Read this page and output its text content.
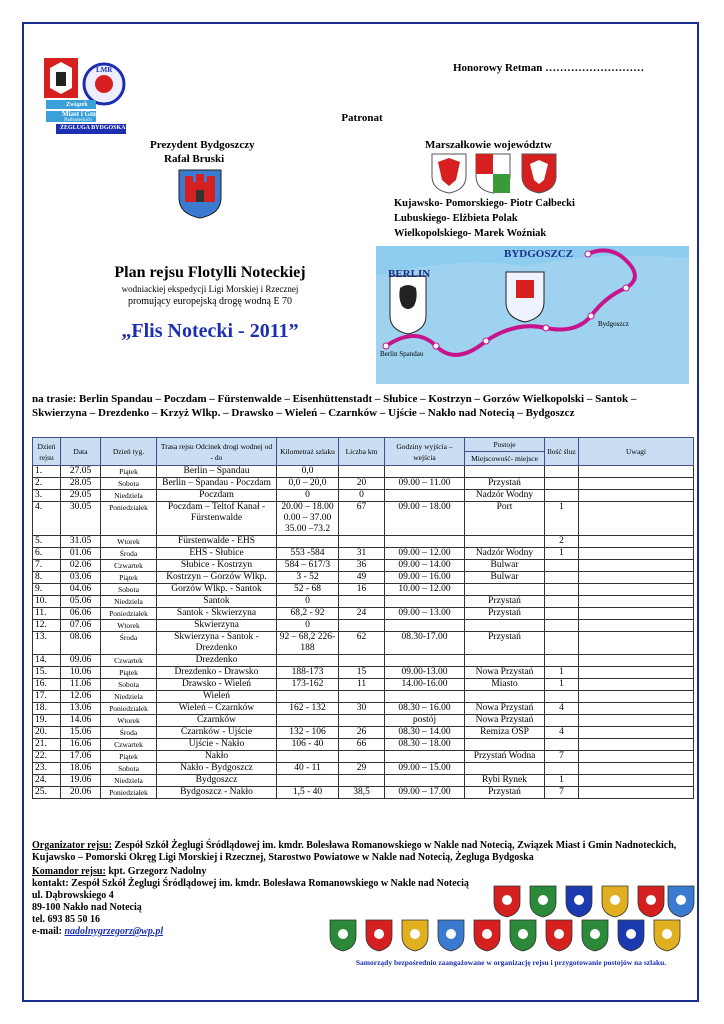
Związek
Miast i Gmin
Nadnoteckich
ŻEGLUGA BYDGOSKA
LMR	Honorowy Retman ………………………
Patronat
Prezydent Bydgoszczy
Rafał Bruski
Marszałkowie województw
Kujawsko- Pomorskiego- Piotr Całbecki
Lubuskiego- Elżbieta Polak
Wielkopolskiego- Marek Woźniak
Plan rejsu Flotylli Noteckiej
wodniackiej ekspedycji Ligi Morskiej i Rzecznej
promujący europejską drogę wodną E 70
„Flis Notecki - 2011”
BERLIN
BYDGOSZCZ
Berlin Spandau
Bydgoszcz
na trasie: Berlin Spandau – Poczdam – Fürstenwalde – Eisenhüttenstadt – Słubice – Kostrzyn – Gorzów Wielkopolski – Santok – Skwierzyna – Drezdenko – Krzyż Wlkp. – Drawsko – Wieleń – Czarnków – Ujście – Nakło nad Notecią – Bydgoszcz
Dzień rejsu	Data	Dzień tyg.	Trasa rejsu Odcinek drogi wodnej od - do	Kilometraż szlaku	Liczba km	Godziny wyjścia –wejścia	Postoje	Ilość śluz	Uwagi
							Miejscowość- miejsce		
1.	27.05	Piątek	Berlin – Spandau	0,0					
2.	28.05	Sobota	Berlin – Spandau - Poczdam	0,0 – 20,0	20	09.00 – 11.00	Przystań		
3.	29.05	Niedziela	Poczdam	0	0		Nadzór Wodny		
4.	30.05	Poniedziałek	Poczdam – Teltof Kanał - Fürstenwalde	20.00 – 18.00 0.00 – 37.00 35.00 –73.2	67	09.00 – 18.00	Port	1	
5.	31.05	Wtorek	Fürstenwalde - EHS					2	
6.	01.06	Środa	EHS - Słubice	553 -584	31	09.00 – 12.00	Nadzór Wodny	1	
7.	02.06	Czwartek	Słubice - Kostrzyn	584 – 617/3	36	09.00 – 14.00	Bulwar		
8.	03.06	Piątek	Kostrzyn – Gorzów Wlkp.	3 - 52	49	09.00 – 16.00	Bulwar		
9.	04.06	Sobota	Gorzów Wlkp. - Santok	52 - 68	16	10.00 – 12.00			
10.	05.06	Niedziela	Santok	0			Przystań		
11.	06.06	Poniedziałek	Santok - Skwierzyna	68,2 - 92	24	09.00 – 13.00	Przystań		
12.	07.06	Wtorek	Skwierzyna	0					
13.	08.06	Środa	Skwierzyna - Santok - Drezdenko	92 – 68,2 226-188	62	08.30-17.00	Przystań		
14.	09.06	Czwartek	Drezdenko						
15.	10.06	Piątek	Drezdenko - Drawsko	188-173	15	09.00-13.00	Nowa Przystań	1	
16.	11.06	Sobota	Drawsko - Wieleń	173-162	11	14.00-16.00	Miasto	1	
17.	12.06	Niedziela	Wieleń						
18.	13.06	Poniedziałek	Wieleń – Czarnków	162 - 132	30	08.30 – 16.00	Nowa Przystań	4	
19.	14.06	Wtorek	Czarnków			postój	Nowa Przystań		
20.	15.06	Środa	Czarnków - Ujście	132 - 106	26	08.30 – 14.00	Remiza OSP	4	
21.	16.06	Czwartek	Ujście - Nakło	106 - 40	66	08.30 – 18.00			
22.	17.06	Piątek	Nakło				Przystań Wodna	7	
23.	18.06	Sobota	Nakło - Bydgoszcz	40 - 11	29	09.00 – 15.00			
24.	19.06	Niedziela	Bydgoszcz				Rybi Rynek	1	
25.	20.06	Poniedziałek	Bydgoszcz - Nakło	1,5 - 40	38,5	09.00 – 17.00	Przystań	7	
Organizator rejsu: Zespół Szkół Żeglugi Śródlądowej im. kmdr. Bolesława Romanowskiego w Nakle nad Notecią, Związek Miast i Gmin Nadnoteckich, Kujawsko – Pomorski Okręg Ligi Morskiej i Rzecznej, Starostwo Powiatowe w Nakle nad Notecią, Żegluga Bydgoska
Komandor rejsu: kpt. Grzegorz Nadolny
kontakt: Zespół Szkół Żeglugi Śródlądowej im. kmdr. Bolesława Romanowskiego w Nakle nad Notecią
ul. Dąbrowskiego 4
89-100 Nakło nad Notecią
tel. 693 85 50 16
e-mail: nadolnygrzegorz@wp.pl
Samorządy bezpośrednio zaangażowane w organizację rejsu i przygotowanie postojów na szlaku.
